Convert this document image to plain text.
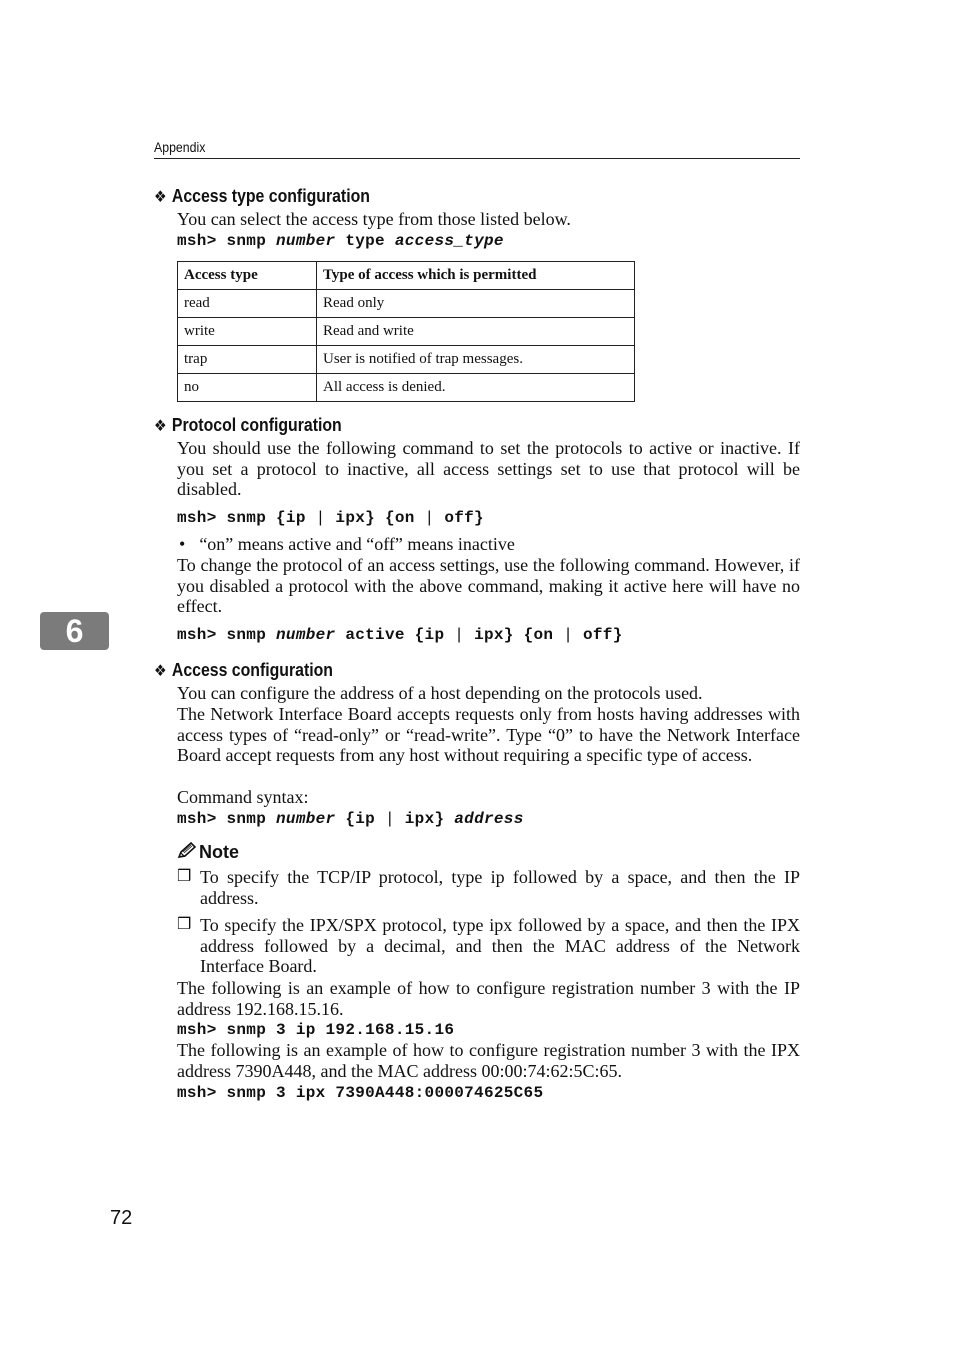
Appendix
❖ Access type configuration
You can select the access type from those listed below.
msh> snmp number type access_type
Access type	Type of access which is permitted
read	Read only
write	Read and write
trap	User is notified of trap messages.
no	All access is denied.
❖ Protocol configuration
You should use the following command to set the protocols to active or inactive. If you set a protocol to inactive, all access settings set to use that protocol will be disabled.
msh> snmp {ip | ipx} {on | off}
• “on” means active and “off” means inactive
To change the protocol of an access settings, use the following command. However, if you disabled a protocol with the above command, making it active here will have no effect.
msh> snmp number active {ip | ipx} {on | off}
6
❖ Access configuration
You can configure the address of a host depending on the protocols used.
The Network Interface Board accepts requests only from hosts having addresses with access types of “read-only” or “read-write”. Type “0” to have the Network Interface Board accept requests from any host without requiring a specific type of access.
Command syntax:
msh> snmp number {ip | ipx} address
Note
❒ To specify the TCP/IP protocol, type ip followed by a space, and then the IP address.
❒ To specify the IPX/SPX protocol, type ipx followed by a space, and then the IPX address followed by a decimal, and then the MAC address of the Network Interface Board.
The following is an example of how to configure registration number 3 with the IP address 192.168.15.16.
msh> snmp 3 ip 192.168.15.16
The following is an example of how to configure registration number 3 with the IPX address 7390A448, and the MAC address 00:00:74:62:5C:65.
msh> snmp 3 ipx 7390A448:000074625C65
72
